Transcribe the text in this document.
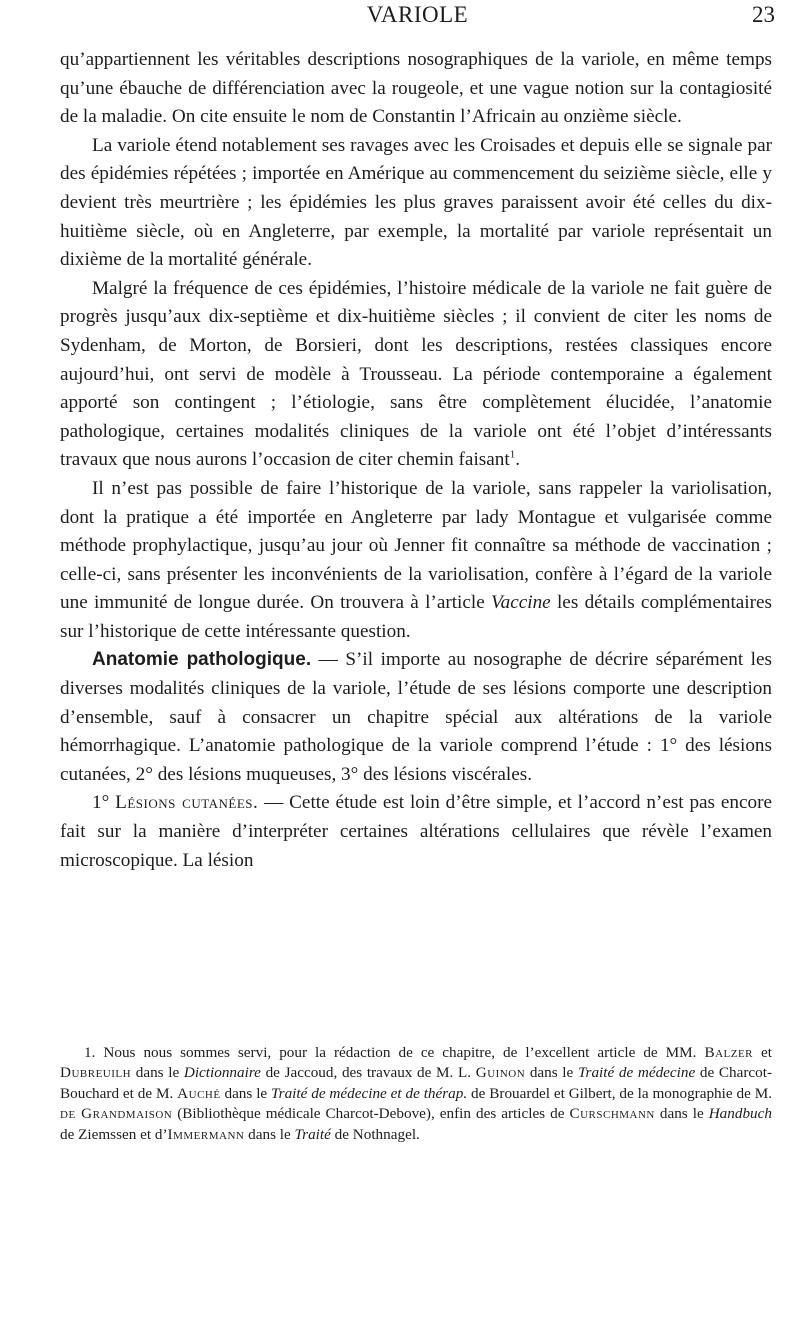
VARIOLE	23

qu’appartiennent les véritables descriptions nosographiques de la variole, en même temps qu’une ébauche de différenciation avec la rougeole, et une vague notion sur la contagiosité de la maladie. On cite ensuite le nom de Constantin l’Africain au onzième siècle.

La variole étend notablement ses ravages avec les Croisades et depuis elle se signale par des épidémies répétées ; importée en Amérique au commencement du seizième siècle, elle y devient très meurtrière ; les épidémies les plus graves paraissent avoir été celles du dix-huitième siècle, où en Angleterre, par exemple, la mortalité par variole représentait un dixième de la mortalité générale.

Malgré la fréquence de ces épidémies, l’histoire médicale de la variole ne fait guère de progrès jusqu’aux dix-septième et dix-huitième siècles ; il convient de citer les noms de Sydenham, de Morton, de Borsieri, dont les descriptions, restées classiques encore aujourd’hui, ont servi de modèle à Trousseau. La période contemporaine a également apporté son contingent ; l’étiologie, sans être complètement élucidée, l’anatomie pathologique, certaines modalités cliniques de la variole ont été l’objet d’intéressants travaux que nous aurons l’occasion de citer chemin faisant$^1$.

Il n’est pas possible de faire l’historique de la variole, sans rappeler la variolisation, dont la pratique a été importée en Angleterre par lady Montague et vulgarisée comme méthode prophylactique, jusqu’au jour où Jenner fit connaître sa méthode de vaccination ; celle-ci, sans présenter les inconvénients de la variolisation, confère à l’égard de la variole une immunité de longue durée. On trouvera à l’article Vaccine les détails complémentaires sur l’historique de cette intéressante question.

Anatomie pathologique. — S’il importe au nosographe de décrire séparément les diverses modalités cliniques de la variole, l’étude de ses lésions comporte une description d’ensemble, sauf à consacrer un chapitre spécial aux altérations de la variole hémorrhagique. L’anatomie pathologique de la variole comprend l’étude : 1° des lésions cutanées, 2° des lésions muqueuses, 3° des lésions viscérales.

1° Lésions cutanées. — Cette étude est loin d’être simple, et l’accord n’est pas encore fait sur la manière d’interpréter certaines altérations cellulaires que révèle l’examen microscopique. La lésion

1. Nous nous sommes servi, pour la rédaction de ce chapitre, de l’excellent article de MM. Balzer et Dubreuilh dans le Dictionnaire de Jaccoud, des travaux de M. L. Guinon dans le Traité de médecine de Charcot-Bouchard et de M. Auché dans le Traité de médecine et de thérap. de Brouardel et Gilbert, de la monographie de M. de Grandmaison (Bibliothèque médicale Charcot-Debove), enfin des articles de Curschmann dans le Handbuch de Ziemssen et d’Immermann dans le Traité de Nothnagel.
